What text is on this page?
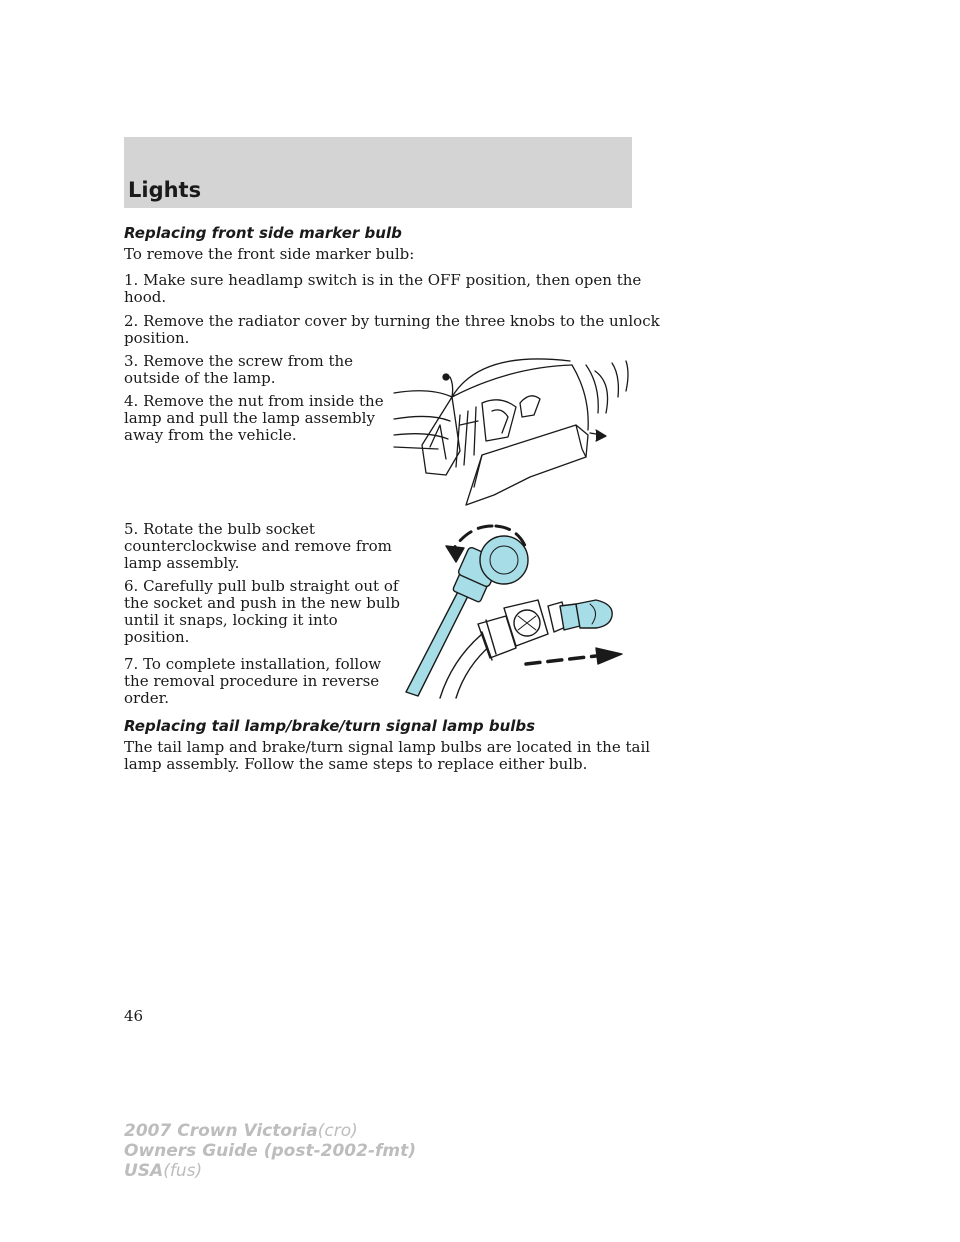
Lights
Replacing front side marker bulb

To remove the front side marker bulb:

1. Make sure headlamp switch is in the OFF position, then open the
hood.
2. Remove the radiator cover by turning the three knobs to the unlock
position.
3. Remove the screw from the
outside of the lamp.
4. Remove the nut from inside the
lamp and pull the lamp assembly
away from the vehicle.
5. Rotate the bulb socket
counterclockwise and remove from
lamp assembly.
6. Carefully pull bulb straight out of
the socket and push in the new bulb
until it snaps, locking it into
position.
7. To complete installation, follow
the removal procedure in reverse
order.
Replacing tail lamp/brake/turn signal lamp bulbs
The tail lamp and brake/turn signal lamp bulbs are located in the tail
lamp assembly. Follow the same steps to replace either bulb.

46

2007 Crown Victoria(cro)
Owners Guide (post-2002-fmt)
USA(fus)
